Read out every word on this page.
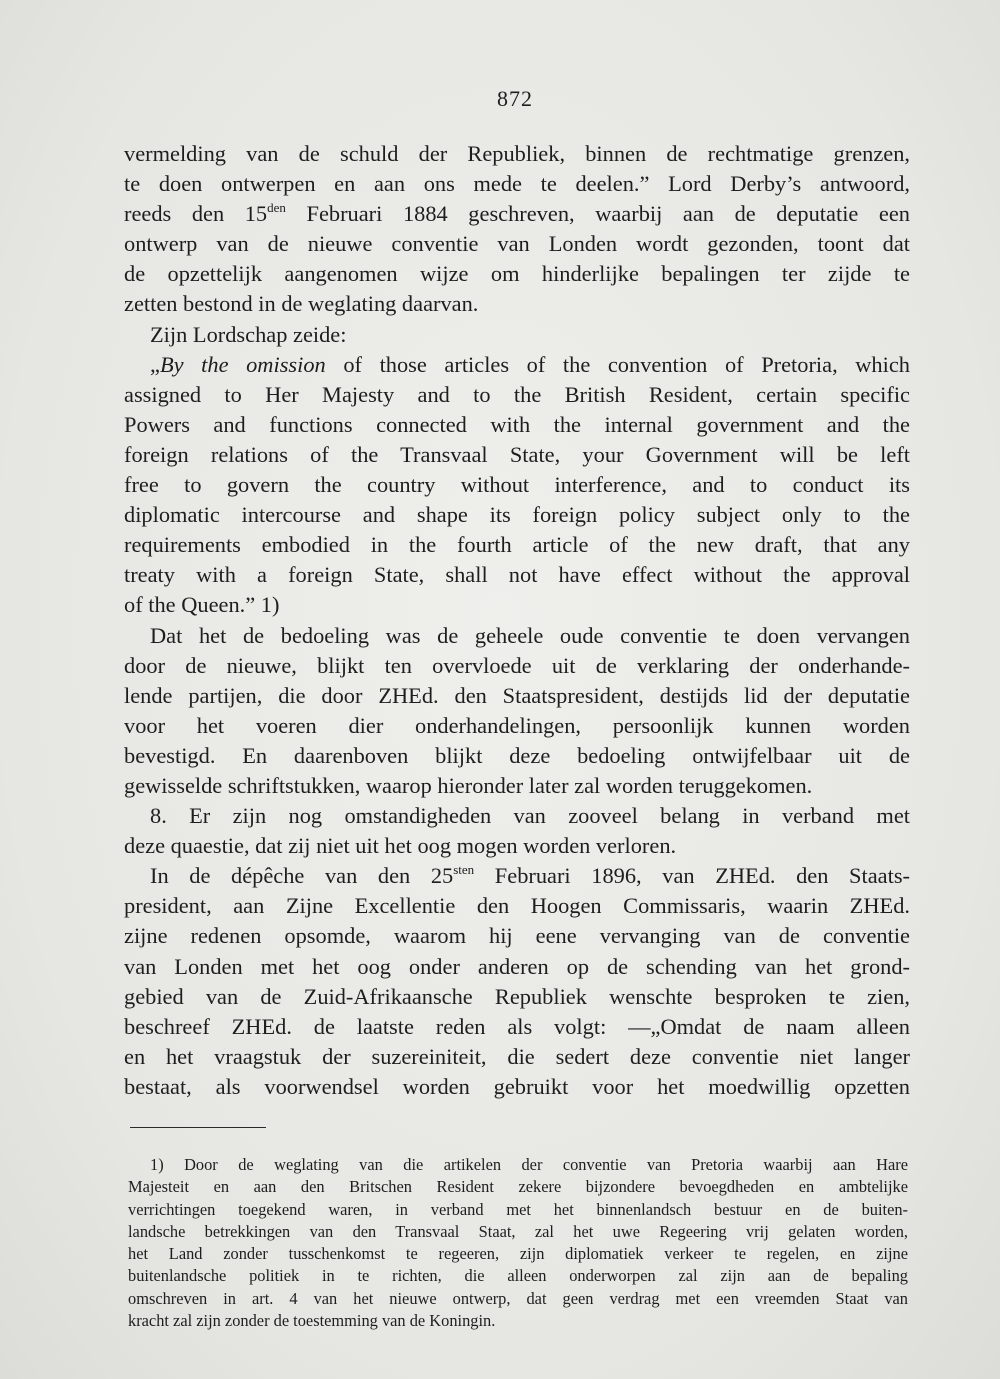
872

vermelding van de schuld der Republiek, binnen de rechtmatige grenzen,
te doen ontwerpen en aan ons mede te deelen.” Lord Derby’s antwoord,
reeds den $15^{den}$ Februari 1884 geschreven, waarbij aan de deputatie een
ontwerp van de nieuwe conventie van Londen wordt gezonden, toont dat
de opzettelijk aangenomen wijze om hinderlijke bepalingen ter zijde te
zetten bestond in de weglating daarvan.

Zijn Lordschap zeide:

„By the omission of those articles of the convention of Pretoria, which
assigned to Her Majesty and to the British Resident, certain specific
Powers and functions connected with the internal government and the
foreign relations of the Transvaal State, your Government will be left
free to govern the country without interference, and to conduct its
diplomatic intercourse and shape its foreign policy subject only to the
requirements embodied in the fourth article of the new draft, that any
treaty with a foreign State, shall not have effect without the approval
of the Queen.” 1)

Dat het de bedoeling was de geheele oude conventie te doen vervangen
door de nieuwe, blijkt ten overvloede uit de verklaring der onderhande-
lende partijen, die door ZHEd. den Staatspresident, destijds lid der deputatie
voor het voeren dier onderhandelingen, persoonlijk kunnen worden
bevestigd. En daarenboven blijkt deze bedoeling ontwijfelbaar uit de
gewisselde schriftstukken, waarop hieronder later zal worden teruggekomen.

8. Er zijn nog omstandigheden van zooveel belang in verband met
deze quaestie, dat zij niet uit het oog mogen worden verloren.

In de dépêche van den $25^{sten}$ Februari 1896, van ZHEd. den Staats-
president, aan Zijne Excellentie den Hoogen Commissaris, waarin ZHEd.
zijne redenen opsomde, waarom hij eene vervanging van de conventie
van Londen met het oog onder anderen op de schending van het grond-
gebied van de Zuid-Afrikaansche Republiek wenschte besproken te zien,
beschreef ZHEd. de laatste reden als volgt: —„Omdat de naam alleen
en het vraagstuk der suzereiniteit, die sedert deze conventie niet langer
bestaat, als voorwendsel worden gebruikt voor het moedwillig opzetten

1) Door de weglating van die artikelen der conventie van Pretoria waarbij aan Hare
Majesteit en aan den Britschen Resident zekere bijzondere bevoegdheden en ambtelijke
verrichtingen toegekend waren, in verband met het binnenlandsch bestuur en de buiten-
landsche betrekkingen van den Transvaal Staat, zal het uwe Regeering vrij gelaten worden,
het Land zonder tusschenkomst te regeeren, zijn diplomatiek verkeer te regelen, en zijne
buitenlandsche politiek in te richten, die alleen onderworpen zal zijn aan de bepaling
omschreven in art. 4 van het nieuwe ontwerp, dat geen verdrag met een vreemden Staat van
kracht zal zijn zonder de toestemming van de Koningin.
